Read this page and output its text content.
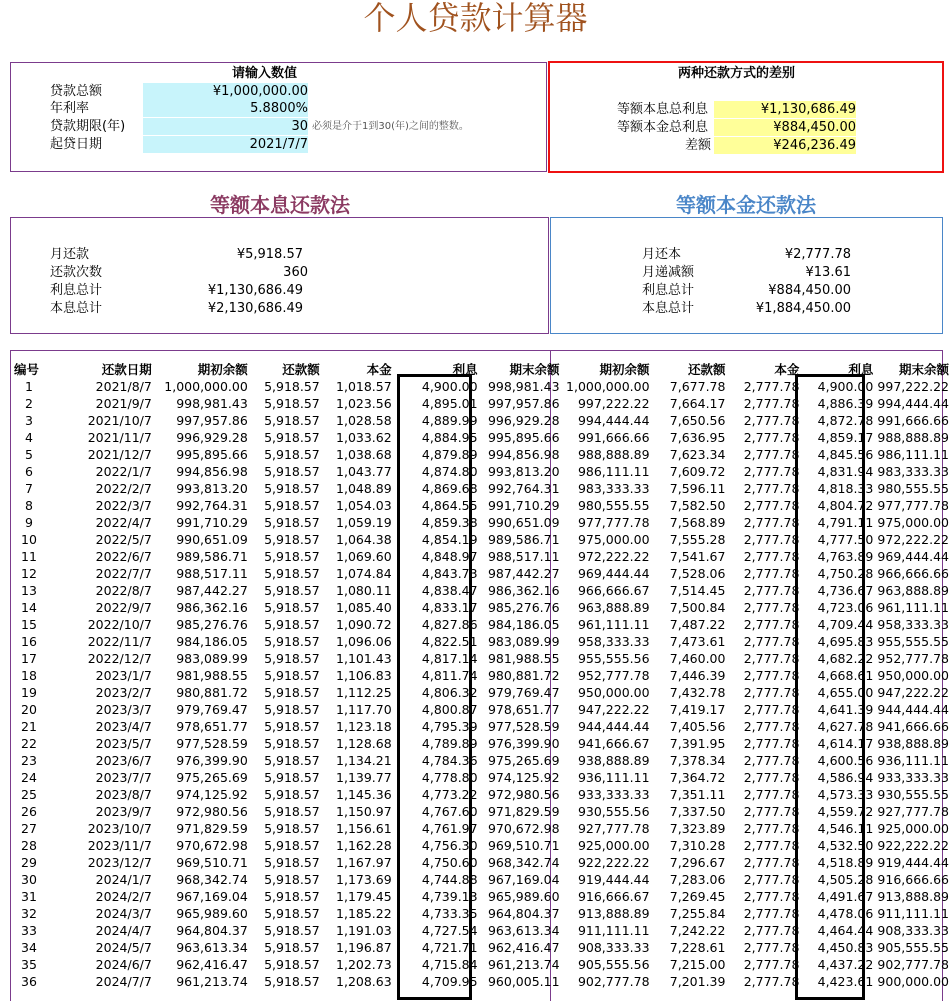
个人贷款计算器
请输入数值
贷款总额	¥1,000,000.00
年利率	5.8800%
贷款期限(年)	30 必须是介于1到30(年)之间的整数。
起贷日期	2021/7/7
两种还款方式的差别
等额本息总利息	¥1,130,686.49
等额本金总利息	¥884,450.00
差额	¥246,236.49
等额本息还款法	等额本金还款法
月还款	¥5,918.57
还款次数	360
利息总计	¥1,130,686.49
本息总计	¥2,130,686.49
月还本	¥2,777.78
月递减额	¥13.61
利息总计	¥884,450.00
本息总计	¥1,884,450.00
编号	还款日期	期初余额	还款额	本金	利息	期末余额	期初余额	还款额	本金	利息	期末余额
1	2021/8/7	1,000,000.00	5,918.57	1,018.57	4,900.00	998,981.43	1,000,000.00	7,677.78	2,777.78	4,900.00	997,222.22
2	2021/9/7	998,981.43	5,918.57	1,023.56	4,895.01	997,957.86	997,222.22	7,664.17	2,777.78	4,886.39	994,444.44
3	2021/10/7	997,957.86	5,918.57	1,028.58	4,889.99	996,929.28	994,444.44	7,650.56	2,777.78	4,872.78	991,666.66
4	2021/11/7	996,929.28	5,918.57	1,033.62	4,884.95	995,895.66	991,666.66	7,636.95	2,777.78	4,859.17	988,888.89
5	2021/12/7	995,895.66	5,918.57	1,038.68	4,879.89	994,856.98	988,888.89	7,623.34	2,777.78	4,845.56	986,111.11
6	2022/1/7	994,856.98	5,918.57	1,043.77	4,874.80	993,813.20	986,111.11	7,609.72	2,777.78	4,831.94	983,333.33
7	2022/2/7	993,813.20	5,918.57	1,048.89	4,869.68	992,764.31	983,333.33	7,596.11	2,777.78	4,818.33	980,555.55
8	2022/3/7	992,764.31	5,918.57	1,054.03	4,864.55	991,710.29	980,555.55	7,582.50	2,777.78	4,804.72	977,777.78
9	2022/4/7	991,710.29	5,918.57	1,059.19	4,859.38	990,651.09	977,777.78	7,568.89	2,777.78	4,791.11	975,000.00
10	2022/5/7	990,651.09	5,918.57	1,064.38	4,854.19	989,586.71	975,000.00	7,555.28	2,777.78	4,777.50	972,222.22
11	2022/6/7	989,586.71	5,918.57	1,069.60	4,848.97	988,517.11	972,222.22	7,541.67	2,777.78	4,763.89	969,444.44
12	2022/7/7	988,517.11	5,918.57	1,074.84	4,843.73	987,442.27	969,444.44	7,528.06	2,777.78	4,750.28	966,666.66
13	2022/8/7	987,442.27	5,918.57	1,080.11	4,838.47	986,362.16	966,666.67	7,514.45	2,777.78	4,736.67	963,888.89
14	2022/9/7	986,362.16	5,918.57	1,085.40	4,833.17	985,276.76	963,888.89	7,500.84	2,777.78	4,723.06	961,111.11
15	2022/10/7	985,276.76	5,918.57	1,090.72	4,827.86	984,186.05	961,111.11	7,487.22	2,777.78	4,709.44	958,333.33
16	2022/11/7	984,186.05	5,918.57	1,096.06	4,822.51	983,089.99	958,333.33	7,473.61	2,777.78	4,695.83	955,555.55
17	2022/12/7	983,089.99	5,918.57	1,101.43	4,817.14	981,988.55	955,555.56	7,460.00	2,777.78	4,682.22	952,777.78
18	2023/1/7	981,988.55	5,918.57	1,106.83	4,811.74	980,881.72	952,777.78	7,446.39	2,777.78	4,668.61	950,000.00
19	2023/2/7	980,881.72	5,918.57	1,112.25	4,806.32	979,769.47	950,000.00	7,432.78	2,777.78	4,655.00	947,222.22
20	2023/3/7	979,769.47	5,918.57	1,117.70	4,800.87	978,651.77	947,222.22	7,419.17	2,777.78	4,641.39	944,444.44
21	2023/4/7	978,651.77	5,918.57	1,123.18	4,795.39	977,528.59	944,444.44	7,405.56	2,777.78	4,627.78	941,666.66
22	2023/5/7	977,528.59	5,918.57	1,128.68	4,789.89	976,399.90	941,666.67	7,391.95	2,777.78	4,614.17	938,888.89
23	2023/6/7	976,399.90	5,918.57	1,134.21	4,784.36	975,265.69	938,888.89	7,378.34	2,777.78	4,600.56	936,111.11
24	2023/7/7	975,265.69	5,918.57	1,139.77	4,778.80	974,125.92	936,111.11	7,364.72	2,777.78	4,586.94	933,333.33
25	2023/8/7	974,125.92	5,918.57	1,145.36	4,773.22	972,980.56	933,333.33	7,351.11	2,777.78	4,573.33	930,555.55
26	2023/9/7	972,980.56	5,918.57	1,150.97	4,767.60	971,829.59	930,555.56	7,337.50	2,777.78	4,559.72	927,777.78
27	2023/10/7	971,829.59	5,918.57	1,156.61	4,761.97	970,672.98	927,777.78	7,323.89	2,777.78	4,546.11	925,000.00
28	2023/11/7	970,672.98	5,918.57	1,162.28	4,756.30	969,510.71	925,000.00	7,310.28	2,777.78	4,532.50	922,222.22
29	2023/12/7	969,510.71	5,918.57	1,167.97	4,750.60	968,342.74	922,222.22	7,296.67	2,777.78	4,518.89	919,444.44
30	2024/1/7	968,342.74	5,918.57	1,173.69	4,744.88	967,169.04	919,444.44	7,283.06	2,777.78	4,505.28	916,666.66
31	2024/2/7	967,169.04	5,918.57	1,179.45	4,739.13	965,989.60	916,666.67	7,269.45	2,777.78	4,491.67	913,888.89
32	2024/3/7	965,989.60	5,918.57	1,185.22	4,733.35	964,804.37	913,888.89	7,255.84	2,777.78	4,478.06	911,111.11
33	2024/4/7	964,804.37	5,918.57	1,191.03	4,727.54	963,613.34	911,111.11	7,242.22	2,777.78	4,464.44	908,333.33
34	2024/5/7	963,613.34	5,918.57	1,196.87	4,721.71	962,416.47	908,333.33	7,228.61	2,777.78	4,450.83	905,555.55
35	2024/6/7	962,416.47	5,918.57	1,202.73	4,715.84	961,213.74	905,555.56	7,215.00	2,777.78	4,437.22	902,777.78
36	2024/7/7	961,213.74	5,918.57	1,208.63	4,709.95	960,005.11	902,777.78	7,201.39	2,777.78	4,423.61	900,000.00
